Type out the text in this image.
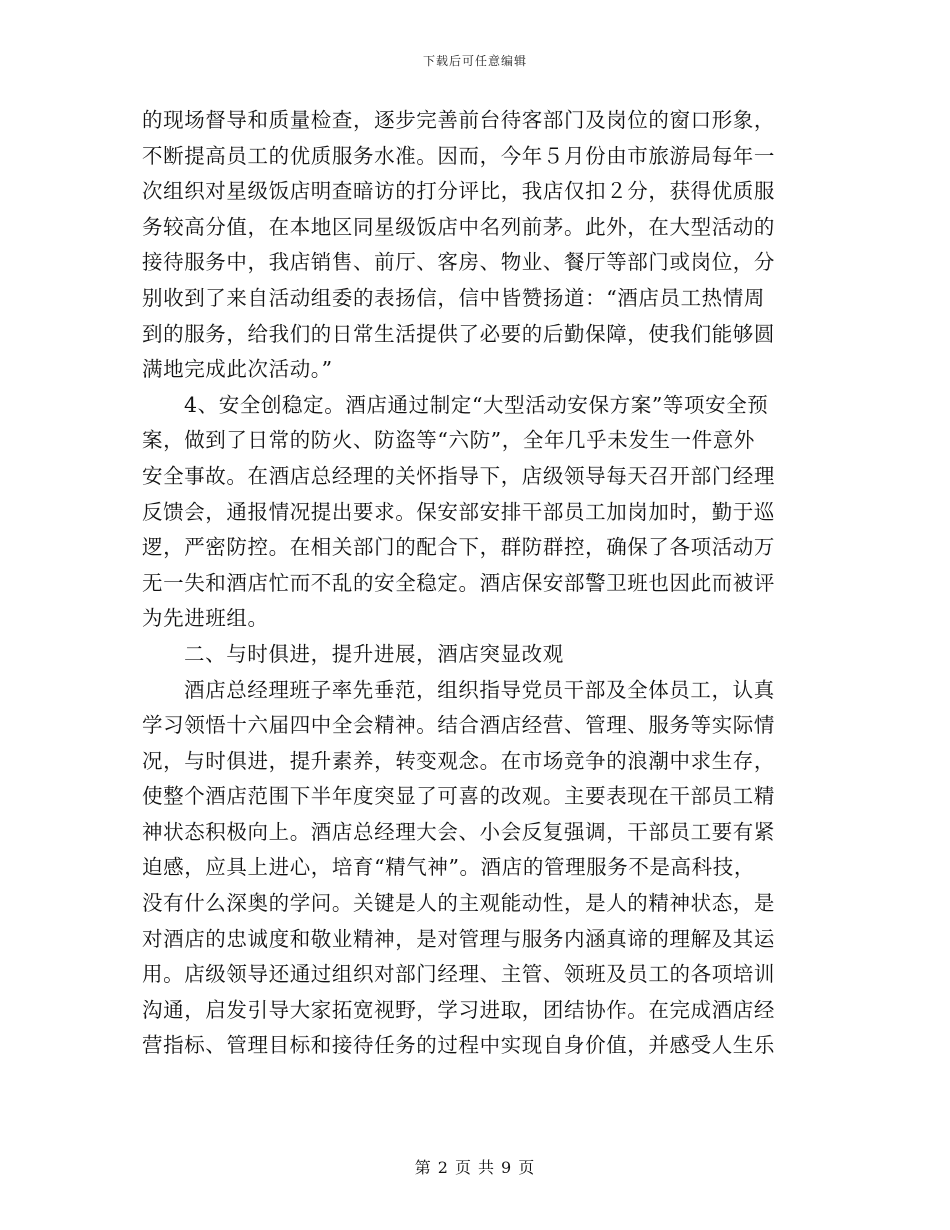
下载后可任意编辑
的现场督导和质量检查，逐步完善前台待客部门及岗位的窗口形象，
不断提高员工的优质服务水准。因而，今年５月份由市旅游局每年一
次组织对星级饭店明查暗访的打分评比，我店仅扣２分，获得优质服
务较高分值，在本地区同星级饭店中名列前茅。此外，在大型活动的
接待服务中，我店销售、前厅、客房、物业、餐厅等部门或岗位，分
别收到了来自活动组委的表扬信，信中皆赞扬道：“酒店员工热情周
到的服务，给我们的日常生活提供了必要的后勤保障，使我们能够圆
满地完成此次活动。”
4、安全创稳定。酒店通过制定“大型活动安保方案”等项安全预
案，做到了日常的防火、防盗等“六防”，全年几乎未发生一件意外
安全事故。在酒店总经理的关怀指导下，店级领导每天召开部门经理
反馈会，通报情况提出要求。保安部安排干部员工加岗加时，勤于巡
逻，严密防控。在相关部门的配合下，群防群控，确保了各项活动万
无一失和酒店忙而不乱的安全稳定。酒店保安部警卫班也因此而被评
为先进班组。
二、与时俱进，提升进展，酒店突显改观
酒店总经理班子率先垂范，组织指导党员干部及全体员工，认真
学习领悟十六届四中全会精神。结合酒店经营、管理、服务等实际情
况，与时俱进，提升素养，转变观念。在市场竞争的浪潮中求生存，
使整个酒店范围下半年度突显了可喜的改观。主要表现在干部员工精
神状态积极向上。酒店总经理大会、小会反复强调，干部员工要有紧
迫感，应具上进心，培育“精气神”。酒店的管理服务不是高科技，
没有什么深奥的学问。关键是人的主观能动性，是人的精神状态，是
对酒店的忠诚度和敬业精神，是对管理与服务内涵真谛的理解及其运
用。店级领导还通过组织对部门经理、主管、领班及员工的各项培训
沟通，启发引导大家拓宽视野，学习进取，团结协作。在完成酒店经
营指标、管理目标和接待任务的过程中实现自身价值，并感受人生乐
第 2 页 共 9 页
